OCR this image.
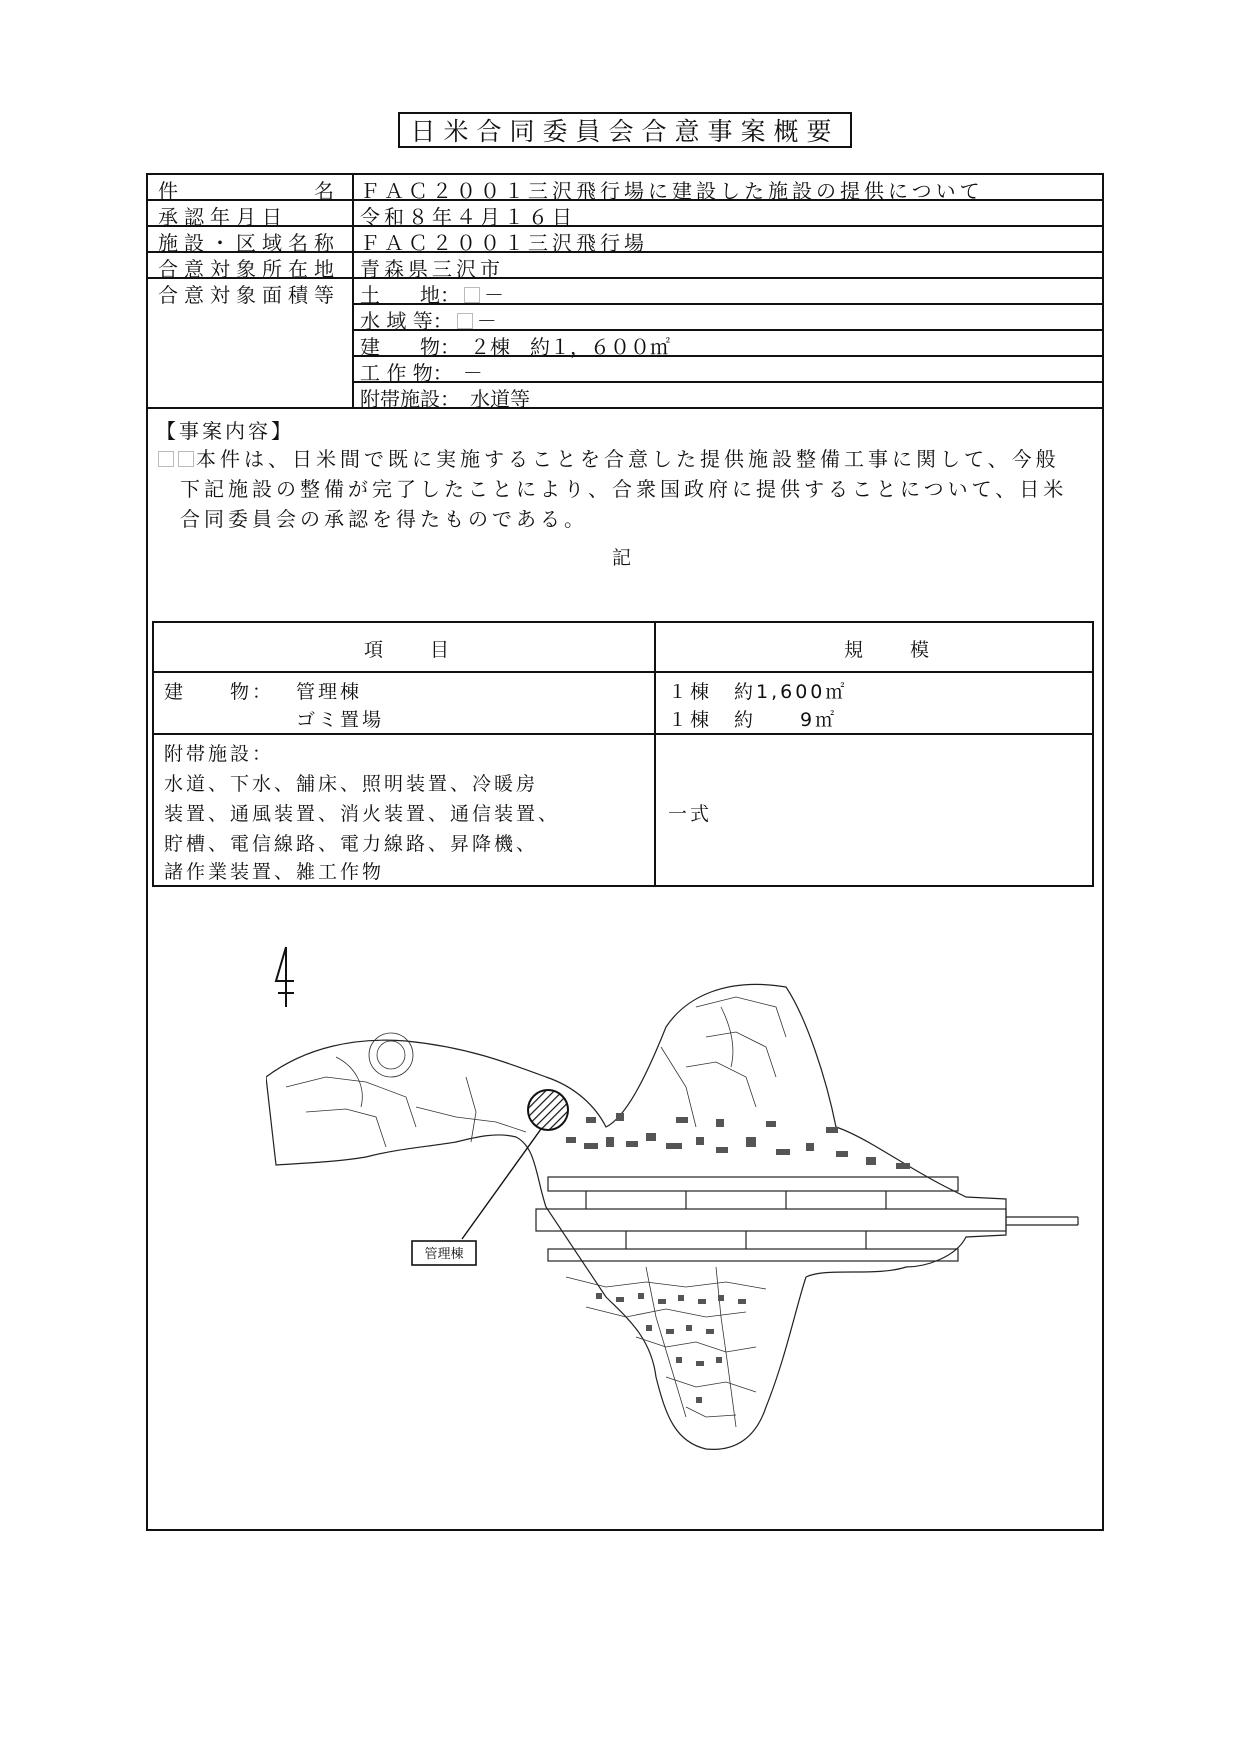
日米合同委員会合意事案概要
件　　　　　名 ＦＡＣ２００１三沢飛行場に建設した施設の提供について
承認年月日	令和８年４月１６日
施設・区域名称 ＦＡＣ２００１三沢飛行場
合意対象所在地 青森県三沢市
合意対象面積等 土　　地： －
水 域 等： －
建　　物：　 ２棟　約１，６００㎡
工 作 物：　 －
附帯施設：　 水道等
【事案内容】
本件は、日米間で既に実施することを合意した提供施設整備工事に関して、今般
下記施設の整備が完了したことにより、合衆国政府に提供することについて、日米
合同委員会の承認を得たものである。
記
項　　目	規　　模
建　　物： 管理棟
ゴミ置場
１棟　約1,600㎡
１棟　約　　9㎡
附帯施設：
水道、下水、舗床、照明装置、冷暖房
装置、通風装置、消火装置、通信装置、
貯槽、電信線路、電力線路、昇降機、
諸作業装置、雑工作物
一式
管理棟
